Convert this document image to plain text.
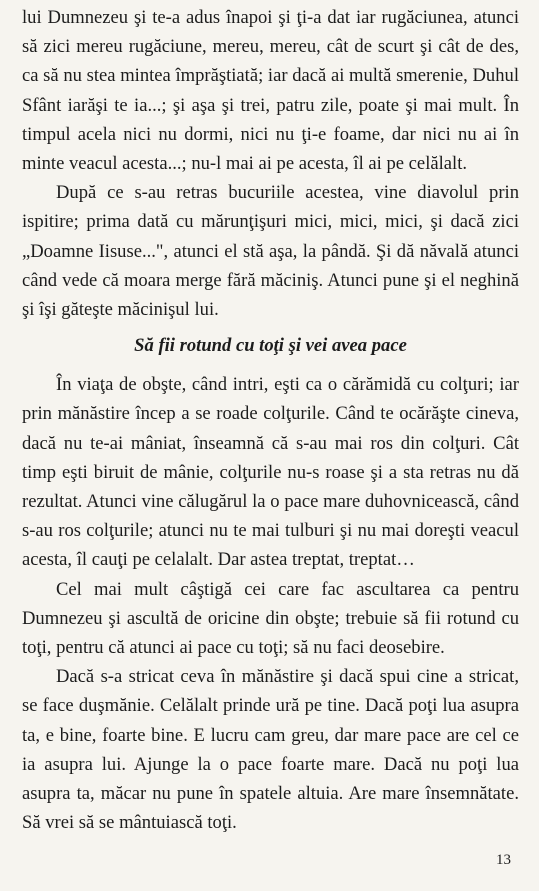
lui Dumnezeu şi te-a adus înapoi şi ţi-a dat iar rugăciunea, atunci să zici mereu rugăciune, mereu, mereu, cât de scurt şi cât de des, ca să nu stea mintea împrăştiată; iar dacă ai multă smerenie, Duhul Sfânt iarăşi te ia...; şi aşa şi trei, patru zile, poate şi mai mult. În timpul acela nici nu dormi, nici nu ţi-e foame, dar nici nu ai în minte veacul acesta...; nu-l mai ai pe acesta, îl ai pe celălalt.

După ce s-au retras bucuriile acestea, vine diavolul prin ispitire; prima dată cu mărunţişuri mici, mici, mici, şi dacă zici „Doamne Iisuse...", atunci el stă aşa, la pândă. Şi dă năvală atunci când vede că moara merge fără măciniş. Atunci pune şi el neghină şi îşi găteşte măcinişul lui.

Să fii rotund cu toţi şi vei avea pace

În viaţa de obşte, când intri, eşti ca o cărămidă cu colţuri; iar prin mănăstire încep a se roade colţurile. Când te ocărăşte cineva, dacă nu te-ai mâniat, înseamnă că s-au mai ros din colţuri. Cât timp eşti biruit de mânie, colţurile nu-s roase şi a sta retras nu dă rezultat. Atunci vine călugărul la o pace mare duhovnicească, când s-au ros colţurile; atunci nu te mai tulburi şi nu mai doreşti veacul acesta, îl cauţi pe celalalt. Dar astea treptat, treptat…

Cel mai mult câştigă cei care fac ascultarea ca pentru Dumnezeu şi ascultă de oricine din obşte; trebuie să fii rotund cu toţi, pentru că atunci ai pace cu toţi; să nu faci deosebire.

Dacă s-a stricat ceva în mănăstire şi dacă spui cine a stricat, se face duşmănie. Celălalt prinde ură pe tine. Dacă poţi lua asupra ta, e bine, foarte bine. E lucru cam greu, dar mare pace are cel ce ia asupra lui. Ajunge la o pace foarte mare. Dacă nu poţi lua asupra ta, măcar nu pune în spatele altuia. Are mare însemnătate. Să vrei să se mântuiască toţi.

13
